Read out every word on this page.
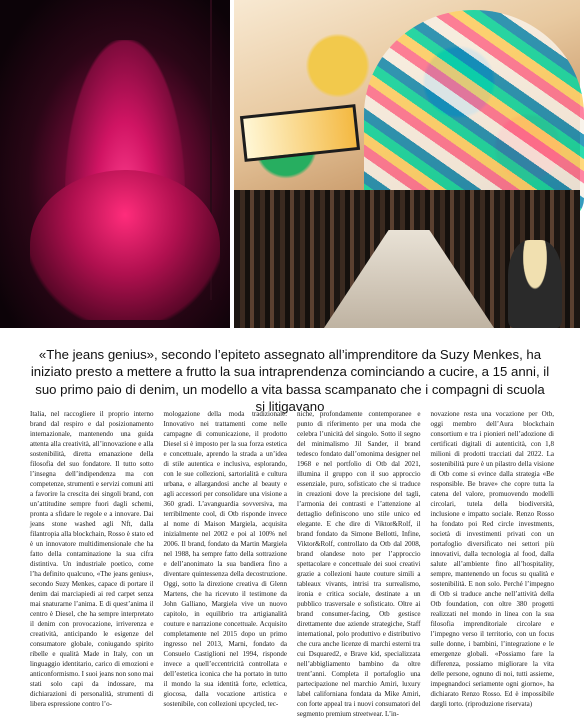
«The jeans genius», secondo l’epiteto assegnato all’imprenditore da Suzy Menkes, ha iniziato presto a mettere a frutto la sua intraprendenza cominciando a cucire, a 15 anni, il suo primo paio di denim, un modello a vita bassa scampanato che i compagni di scuola si litigavano

Italia, nel raccogliere il proprio interno brand dal respiro e dal posizionamento internazionale, mantenendo una guida attenta alla creatività, all’innovazione e alla sostenibilità, diretta emanazione della filosofia del suo fondatore. Il tutto sotto l’insegna dell’indipendenza ma con competenze, strumenti e servizi comuni atti a favorire la crescita dei singoli brand, con un’attitudine sempre fuori dagli schemi, pronta a sfidare le regole e a innovare. Dai jeans stone washed agli Nft, dalla filantropia alla blockchain, Rosso è stato ed è un innovatore multidimensionale che ha fatto della contaminazione la sua cifra distintiva. Un industriale poetico, come l’ha definito qualcuno, «The jeans genius», secondo Suzy Menkes, capace di portare il denim dai marciapiedi ai red carpet senza mai snaturarne l’anima. E di quest’anima il centro è Diesel, che ha sempre interpretato il denim con provocazione, irriverenza e creatività, anticipando le esigenze del consumatore globale, coniugando spirito ribelle e qualità Made in Italy, con un linguaggio identitario, carico di emozioni e anticonformismo. I suoi jeans non sono mai stati solo capi da indossare, ma dichiarazioni di personalità, strumenti di libera espressione contro l’o-

mologazione della moda tradizionale. Innovativo nei trattamenti come nelle campagne di comunicazione, il prodotto Diesel si è imposto per la sua forza estetica e concettuale, aprendo la strada a un’idea di stile autentica e inclusiva, esplorando, con le sue collezioni, sartorialità e cultura urbana, e allargandosi anche al beauty e agli accessori per consolidare una visione a 360 gradi. L’avanguardia sovversiva, ma terribilmente cool, di Otb risponde invece al nome di Maison Margiela, acquisita inizialmente nel 2002 e poi al 100% nel 2006. Il brand, fondato da Martin Margiela nel 1988, ha sempre fatto della sottrazione e dell’anonimato la sua bandiera fino a diventare quintessenza della decostruzione. Oggi, sotto la direzione creativa di Glenn Martens, che ha ricevuto il testimone da John Galliano, Margiela vive un nuovo capitolo, in equilibrio tra artigianalità couture e narrazione concettuale. Acquisito completamente nel 2015 dopo un primo ingresso nel 2013, Marni, fondato da Consuelo Castiglioni nel 1994, risponde invece a quell’eccentricità controllata e dell’estetica iconica che ha portato in tutto il mondo la sua identità forte, eclettica, giocosa, dalla vocazione artistica e sostenibile, con collezioni upcycled, tec-

niche, profondamente contemporanee e punto di riferimento per una moda che celebra l’unicità del singolo. Sotto il segno del minimalismo Jil Sander, il brand tedesco fondato dall’omonima designer nel 1968 e nel portfolio di Otb dal 2021, illumina il gruppo con il suo approccio essenziale, puro, sofisticato che si traduce in creazioni dove la precisione del tagli, l’armonia dei contrasti e l’attenzione al dettaglio definiscono uno stile unico ed elegante. E che dire di Viktor&Rolf, il brand fondato da Simone Bellotti, Infine, Viktor&Rolf, controllato da Otb dal 2008, brand olandese noto per l’approccio spettacolare e concettuale dei suoi creativi grazie a collezioni haute couture simili a tableaux vivants, intrisi tra surrealismo, ironia e critica sociale, destinate a un pubblico trasversale e sofisticato. Oltre ai brand consumer-facing, Otb gestisce direttamente due aziende strategiche, Staff international, polo produttivo e distributivo che cura anche licenze di marchi esterni tra cui Dsquared2, e Brave kid, specializzata nell’abbigliamento bambino da oltre trent’anni. Completa il portafoglio una partecipazione nel marchio Amiri, luxury label californiana fondata da Mike Amiri, con forte appeal tra i nuovi consumatori del segmento premium streetwear. L’in-

novazione resta una vocazione per Otb, oggi membro dell’Aura blockchain consortium e tra i pionieri nell’adozione di certificati digitali di autenticità, con 1,8 milioni di prodotti tracciati dal 2022. La sostenibilità pure è un pilastro della visione di Otb come si evince dalla strategia «Be responsible. Be brave» che copre tutta la catena del valore, promuovendo modelli circolari, tutela della biodiversità, inclusione e impatto sociale. Renzo Rosso ha fondato poi Red circle investments, società di investimenti privati con un portafoglio diversificato nei settori più innovativi, dalla tecnologia al food, dalla salute all’ambiente fino all’hospitality, sempre, mantenendo un focus su qualità e sostenibilità. E non solo. Perché l’impegno di Otb si traduce anche nell’attività della Otb foundation, con oltre 380 progetti realizzati nel mondo in linea con la sua filosofia imprenditoriale circolare e l’impegno verso il territorio, con un focus sulle donne, i bambini, l’integrazione e le emergenze globali. «Possiamo fare la differenza, possiamo migliorare la vita delle persone, ognuno di noi, tutti assieme, impegnandoci seriamente ogni giorno», ha dichiarato Renzo Rosso. Ed è impossibile dargli torto. (riproduzione riservata)
